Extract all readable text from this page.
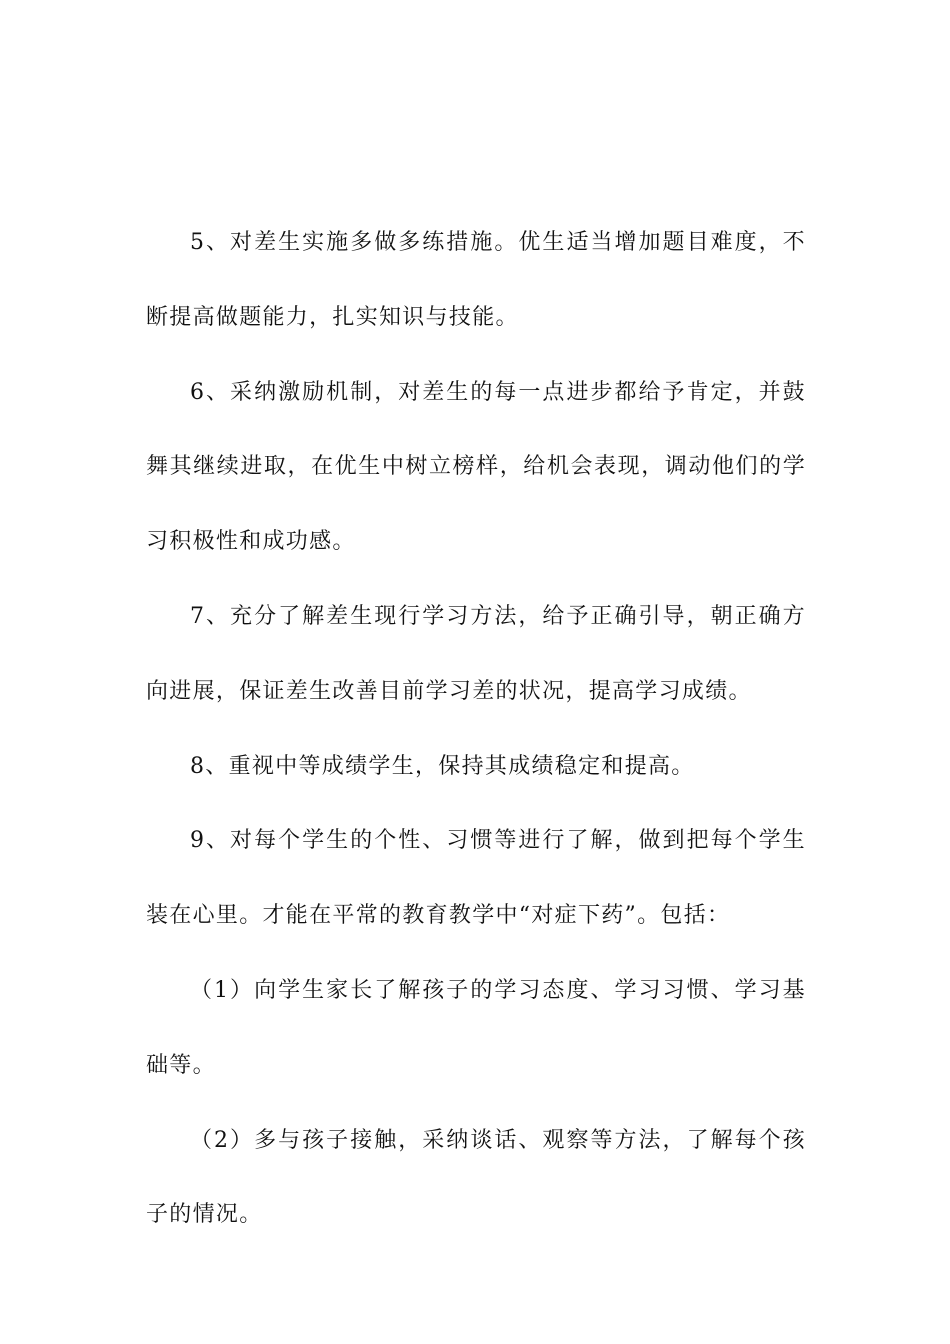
5、对差生实施多做多练措施。优生适当增加题目难度，不断提高做题能力，扎实知识与技能。

6、采纳激励机制，对差生的每一点进步都给予肯定，并鼓舞其继续进取，在优生中树立榜样，给机会表现，调动他们的学习积极性和成功感。

7、充分了解差生现行学习方法，给予正确引导，朝正确方向进展，保证差生改善目前学习差的状况，提高学习成绩。

8、重视中等成绩学生，保持其成绩稳定和提高。

9、对每个学生的个性、习惯等进行了解，做到把每个学生装在心里。才能在平常的教育教学中“对症下药”。包括：

（1）向学生家长了解孩子的学习态度、学习习惯、学习基础等。

（2）多与孩子接触，采纳谈话、观察等方法，了解每个孩子的情况。
